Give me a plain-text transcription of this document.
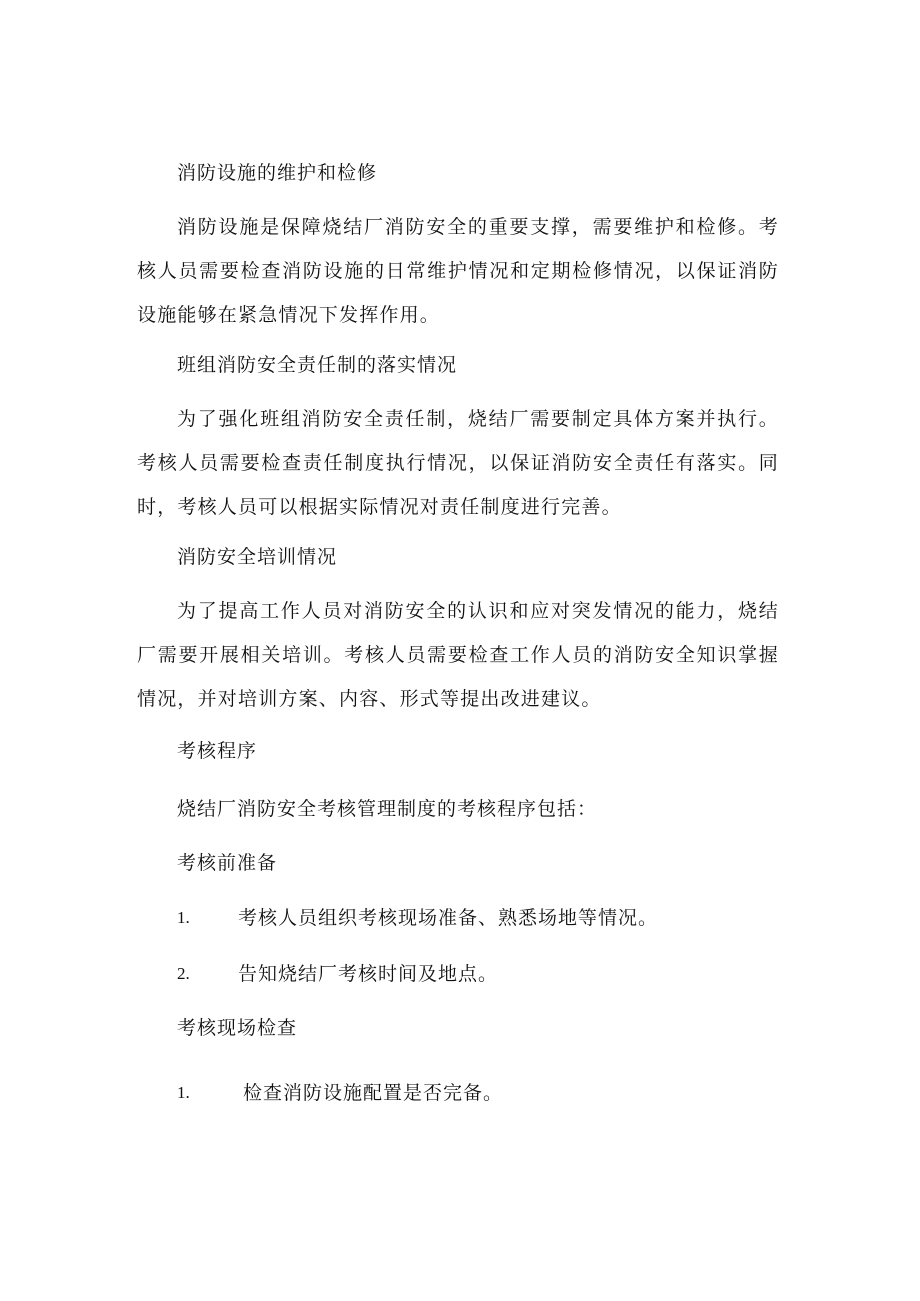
消防设施的维护和检修
消防设施是保障烧结厂消防安全的重要支撑，需要维护和检修。考核人员需要检查消防设施的日常维护情况和定期检修情况，以保证消防设施能够在紧急情况下发挥作用。
班组消防安全责任制的落实情况
为了强化班组消防安全责任制，烧结厂需要制定具体方案并执行。考核人员需要检查责任制度执行情况，以保证消防安全责任有落实。同时，考核人员可以根据实际情况对责任制度进行完善。
消防安全培训情况
为了提高工作人员对消防安全的认识和应对突发情况的能力，烧结厂需要开展相关培训。考核人员需要检查工作人员的消防安全知识掌握情况，并对培训方案、内容、形式等提出改进建议。
考核程序
烧结厂消防安全考核管理制度的考核程序包括：
考核前准备
1.	考核人员组织考核现场准备、熟悉场地等情况。
2.	告知烧结厂考核时间及地点。
考核现场检查
1.	检查消防设施配置是否完备。
